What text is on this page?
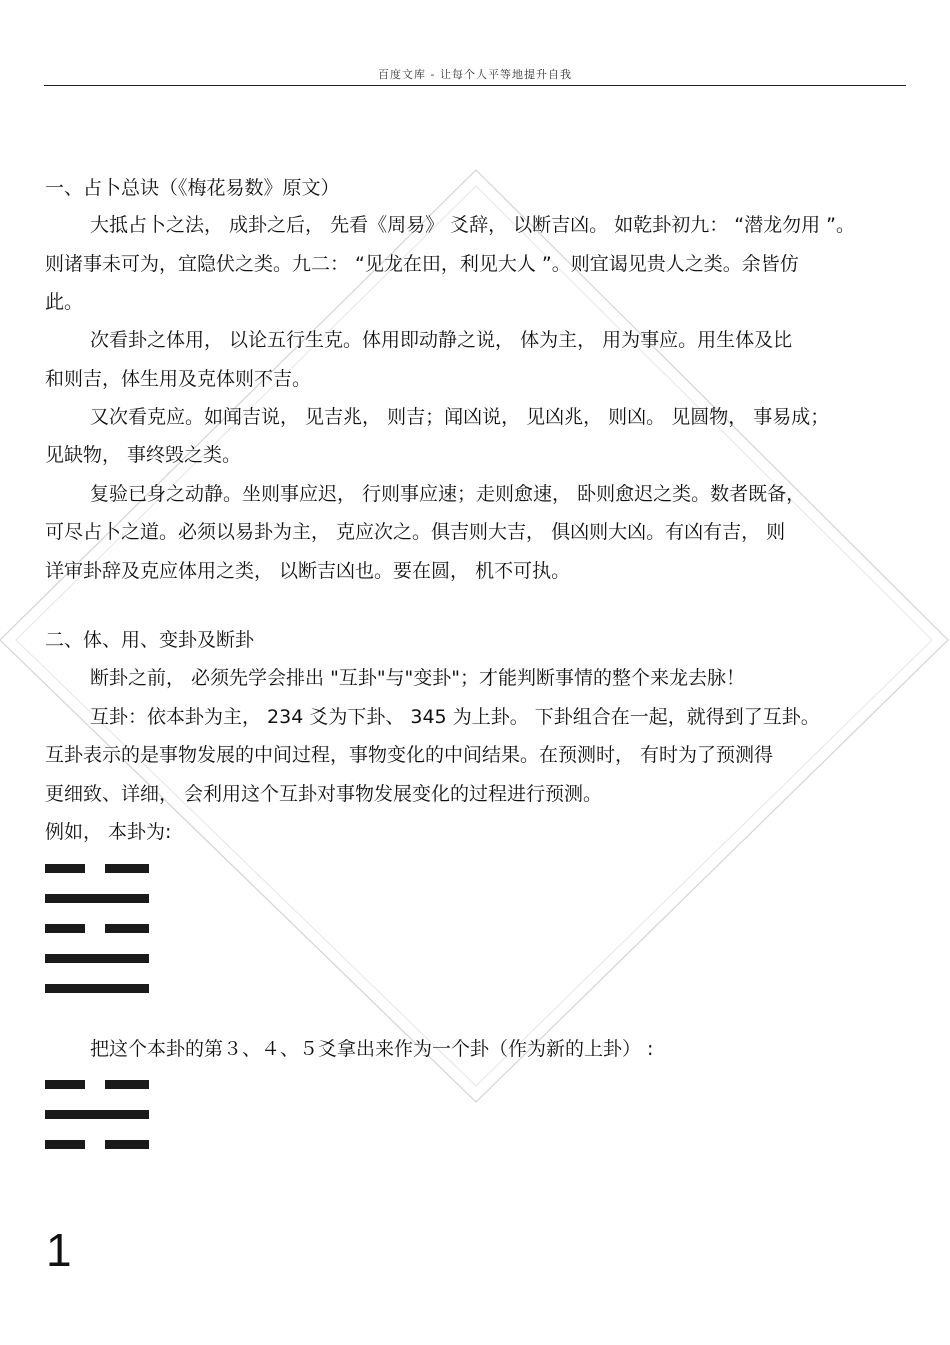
百度文库 - 让每个人平等地提升自我
一、占卜总诀（《梅花易数》原文）
大抵占卜之法， 成卦之后， 先看《周易》 爻辞， 以断吉凶。 如乾卦初九： “潜龙勿用 ”。
则诸事未可为，宜隐伏之类。九二： “见龙在田，利见大人 ”。则宜谒见贵人之类。余皆仿
此。
次看卦之体用， 以论五行生克。体用即动静之说， 体为主， 用为事应。用生体及比
和则吉，体生用及克体则不吉。
又次看克应。如闻吉说， 见吉兆， 则吉；闻凶说， 见凶兆， 则凶。 见圆物， 事易成；
见缺物， 事终毁之类。
复验已身之动静。坐则事应迟， 行则事应速；走则愈速， 卧则愈迟之类。数者既备，
可尽占卜之道。必须以易卦为主， 克应次之。俱吉则大吉， 俱凶则大凶。有凶有吉， 则
详审卦辞及克应体用之类， 以断吉凶也。要在圆， 机不可执。
二、体、用、变卦及断卦
断卦之前， 必须先学会排出 "互卦"与"变卦"；才能判断事情的整个来龙去脉！
互卦：依本卦为主， 234 爻为下卦、 345 为上卦。 下卦组合在一起，就得到了互卦。
互卦表示的是事物发展的中间过程，事物变化的中间结果。在预测时， 有时为了预测得
更细致、详细， 会利用这个互卦对事物发展变化的过程进行预测。
例如， 本卦为:
把这个本卦的第３、４、５爻拿出来作为一个卦（作为新的上卦） :
1
